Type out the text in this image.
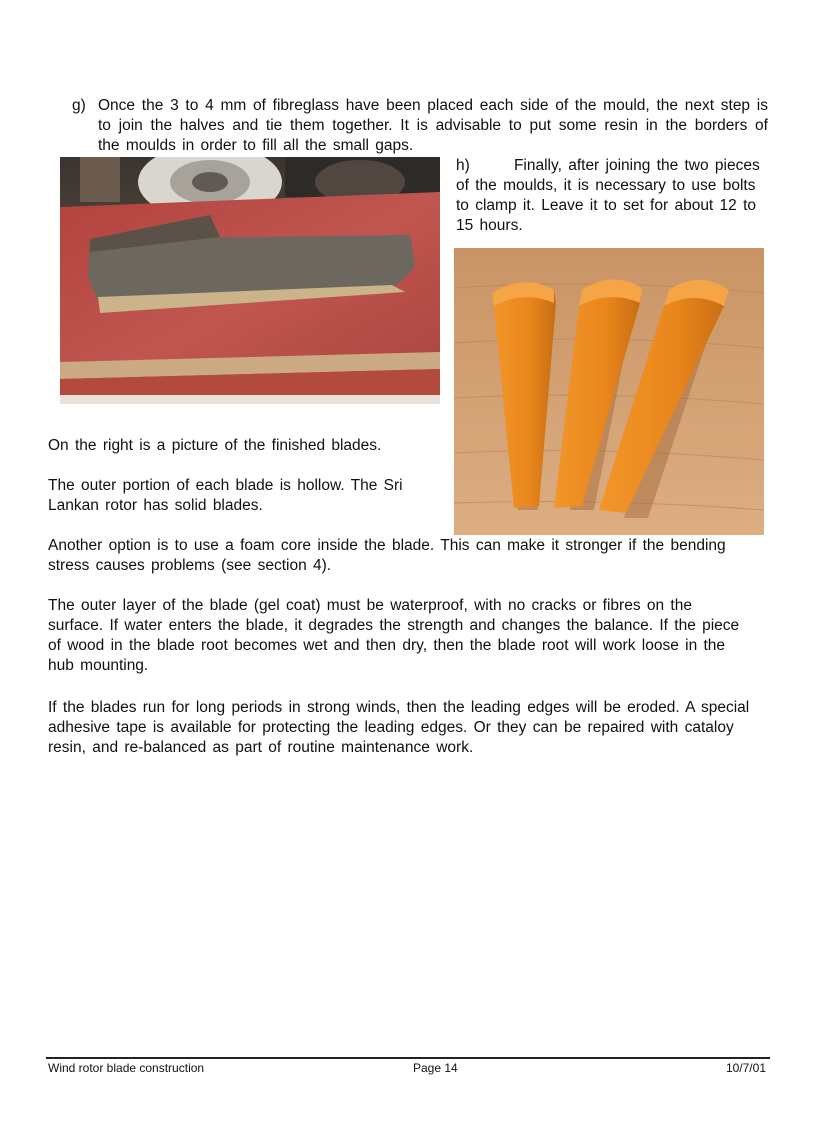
g) Once the 3 to 4 mm of fibreglass have been placed each side of the mould, the next step is to join the halves and tie them together. It is advisable to put some resin in the borders of the moulds in order to fill all the small gaps.
h)	Finally, after joining the two pieces of the moulds, it is necessary to use bolts to clamp it. Leave it to set for about 12 to 15 hours.
On the right is a picture of the finished blades.
The outer portion of each blade is hollow. The Sri Lankan rotor has solid blades.
Another option is to use a foam core inside the blade. This can make it stronger if the bending stress causes problems (see section 4).
The outer layer of the blade (gel coat) must be waterproof, with no cracks or fibres on the surface. If water enters the blade, it degrades the strength and changes the balance. If the piece of wood in the blade root becomes wet and then dry, then the blade root will work loose in the hub mounting.
If the blades run for long periods in strong winds, then the leading edges will be eroded. A special adhesive tape is available for protecting the leading edges. Or they can be repaired with cataloy resin, and re-balanced as part of routine maintenance work.
Wind rotor blade construction	Page 14	10/7/01
